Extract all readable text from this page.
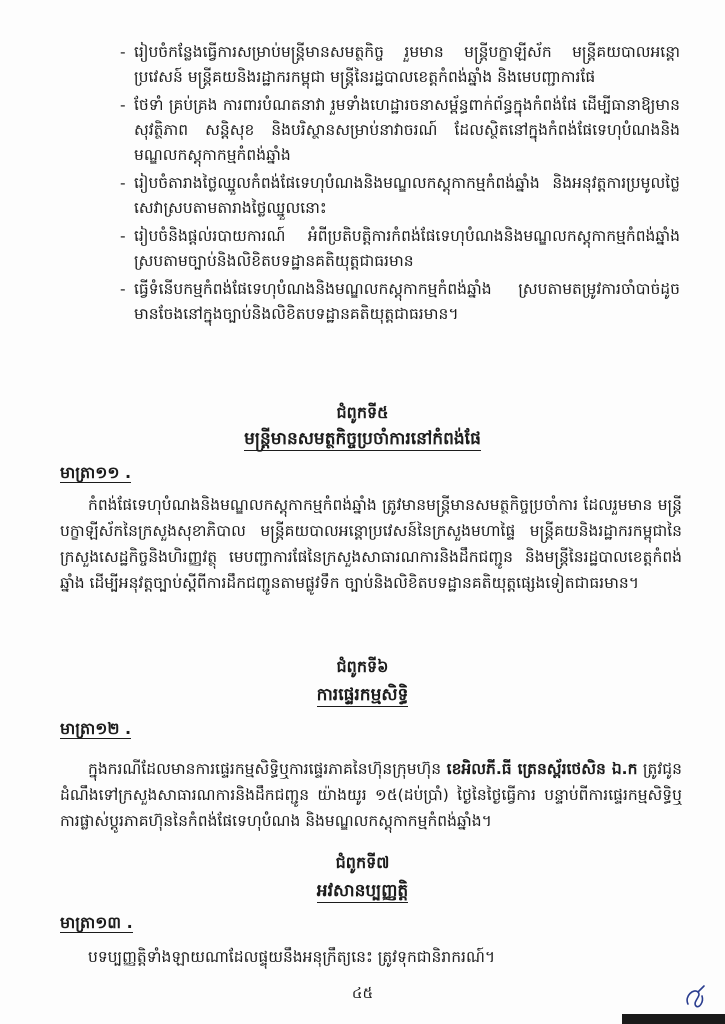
- រៀបចំកន្លែងធ្វើការសម្រាប់មន្ត្រីមានសមត្ថកិច្ច រួមមាន មន្ត្រីបក្ខាឡីស័ក មន្ត្រីគយបាលអន្តោប្រវេសន៍ មន្ត្រីគយនិងរដ្ឋាករកម្ពុជា មន្ត្រីនៃរដ្ឋបាលខេត្តកំពង់ឆ្នាំង និងមេបញ្ជាការផែ
- ថែទាំ គ្រប់គ្រង ការពារបំណតនាវា រួមទាំងហេដ្ឋារចនាសម្ព័ន្ធពាក់ព័ន្ធក្នុងកំពង់ផែ ដើម្បីធានាឱ្យមានសុវត្ថិភាព សន្តិសុខ និងបរិស្ថានសម្រាប់នាវាចរណ៍ ដែលស្ថិតនៅក្នុងកំពង់ផែទេហុបំណងនិងមណ្ឌលកស្តុកាកម្មកំពង់ឆ្នាំង
- រៀបចំតារាងថ្លៃឈ្នួលកំពង់ផែទេហុបំណងនិងមណ្ឌលកស្តុកាកម្មកំពង់ឆ្នាំង និងអនុវត្តការប្រមូលថ្លៃសេវាស្របតាមតារាងថ្លៃឈ្នួលនោះ
- រៀបចំនិងផ្តល់របាយការណ៍ អំពីប្រតិបត្តិការកំពង់ផែទេហុបំណងនិងមណ្ឌលកស្តុកាកម្មកំពង់ឆ្នាំង ស្របតាមច្បាប់និងលិខិតបទដ្ឋានគតិយុត្តជាធរមាន
- ធ្វើទំនើបកម្មកំពង់ផែទេហុបំណងនិងមណ្ឌលកស្តុកាកម្មកំពង់ឆ្នាំង ស្របតាមតម្រូវការចាំបាច់ដូចមានចែងនៅក្នុងច្បាប់និងលិខិតបទដ្ឋានគតិយុត្តជាធរមាន។
ជំពូកទី៥
មន្ត្រីមានសមត្ថកិច្ចប្រចាំការនៅកំពង់ផែ
មាត្រា១១ .
កំពង់ផែទេហុបំណងនិងមណ្ឌលកស្តុកាកម្មកំពង់ឆ្នាំង ត្រូវមានមន្ត្រីមានសមត្ថកិច្ចប្រចាំការ ដែលរួមមាន មន្ត្រីបក្ខាឡីស័កនៃក្រសួងសុខាភិបាល មន្ត្រីគយបាលអន្តោប្រវេសន៍នៃក្រសួងមហាផ្ទៃ មន្ត្រីគយនិងរដ្ឋាករកម្ពុជានៃក្រសួងសេដ្ឋកិច្ចនិងហិរញ្ញវត្ថុ មេបញ្ជាការផែនៃក្រសួងសាធារណការនិងដឹកជញ្ជូន និងមន្ត្រីនៃរដ្ឋបាលខេត្តកំពង់ឆ្នាំង ដើម្បីអនុវត្តច្បាប់ស្តីពីការដឹកជញ្ជូនតាមផ្លូវទឹក ច្បាប់និងលិខិតបទដ្ឋានគតិយុត្តផ្សេងទៀតជាធរមាន។
ជំពូកទី៦
ការផ្ទេរកម្មសិទ្ធិ
មាត្រា១២ .
ក្នុងករណីដែលមានការផ្ទេរកម្មសិទ្ធិឬការផ្ទេរភាគនៃហ៊ុនក្រុមហ៊ុន ខេអិលភី.ធី ត្រេនស្ព័រថេសិន ឯ.ក ត្រូវជូនដំណឹងទៅក្រសួងសាធារណការនិងដឹកជញ្ជូន យ៉ាងយូរ ១៥(ដប់ប្រាំ) ថ្ងៃនៃថ្ងៃធ្វើការ បន្ទាប់ពីការផ្ទេរកម្មសិទ្ធិឬការផ្លាស់ប្តូរភាគហ៊ុននៃកំពង់ផែទេហុបំណង និងមណ្ឌលកស្តុកាកម្មកំពង់ឆ្នាំង។
ជំពូកទី៧
អវសានប្បញ្ញត្តិ
មាត្រា១៣ .
បទប្បញ្ញត្តិទាំងឡាយណាដែលផ្ទុយនឹងអនុក្រឹត្យនេះ ត្រូវទុកជានិរាករណ៍។
៤៥
